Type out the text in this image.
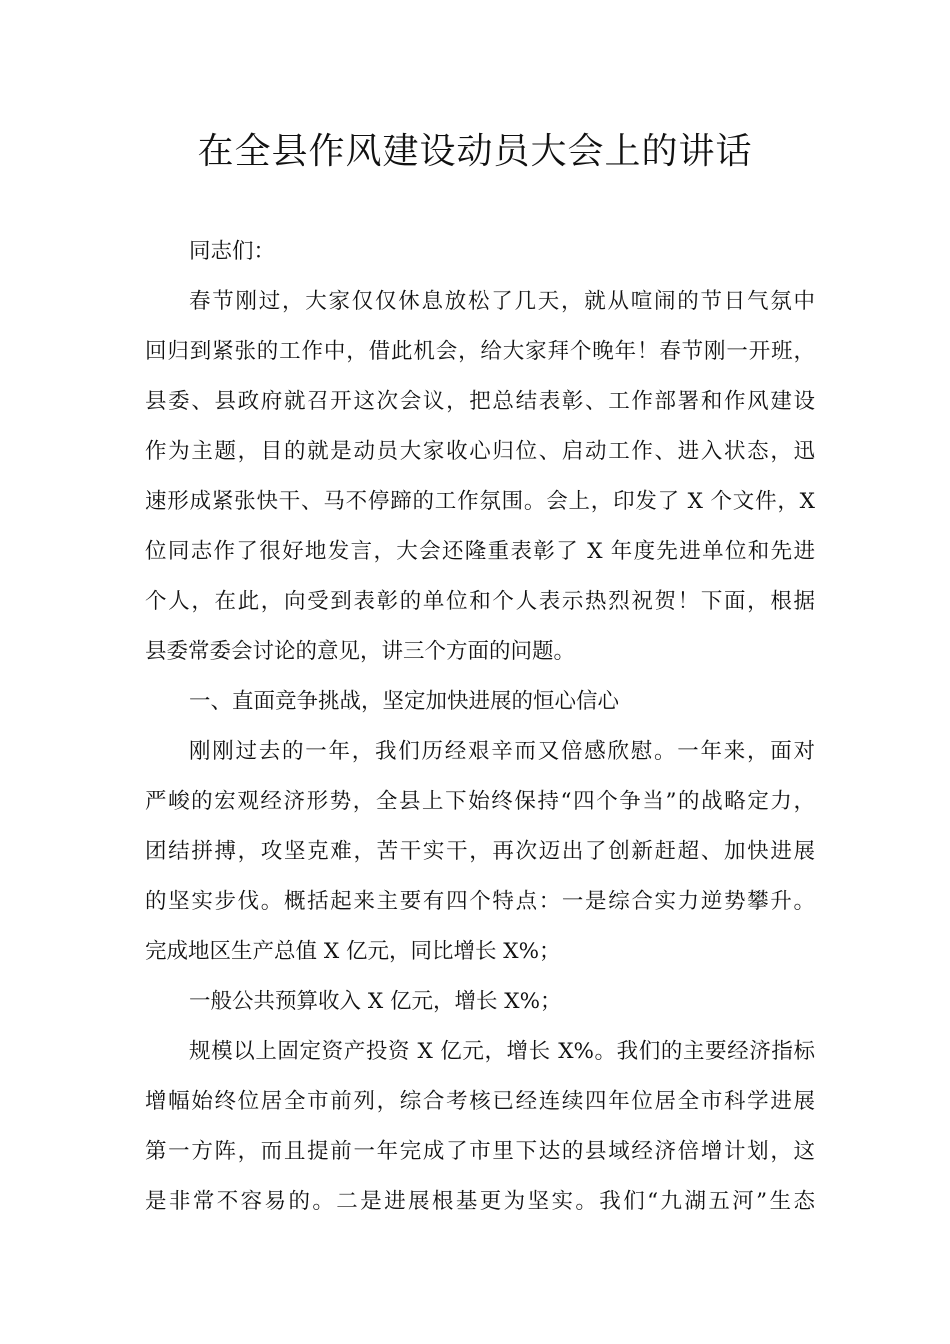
在全县作风建设动员大会上的讲话
同志们：
春节刚过，大家仅仅休息放松了几天，就从喧闹的节日气氛中
回归到紧张的工作中，借此机会，给大家拜个晚年！春节刚一开班，
县委、县政府就召开这次会议，把总结表彰、工作部署和作风建设
作为主题，目的就是动员大家收心归位、启动工作、进入状态，迅
速形成紧张快干、马不停蹄的工作氛围。会上，印发了 X 个文件，X
位同志作了很好地发言，大会还隆重表彰了 X 年度先进单位和先进
个人，在此，向受到表彰的单位和个人表示热烈祝贺！下面，根据
县委常委会讨论的意见，讲三个方面的问题。
一、直面竞争挑战，坚定加快进展的恒心信心
刚刚过去的一年，我们历经艰辛而又倍感欣慰。一年来，面对
严峻的宏观经济形势，全县上下始终保持“四个争当”的战略定力，
团结拼搏，攻坚克难，苦干实干，再次迈出了创新赶超、加快进展
的坚实步伐。概括起来主要有四个特点：一是综合实力逆势攀升。
完成地区生产总值 X 亿元，同比增长 X%；
一般公共预算收入 X 亿元，增长 X%；
规模以上固定资产投资 X 亿元，增长 X%。我们的主要经济指标
增幅始终位居全市前列，综合考核已经连续四年位居全市科学进展
第一方阵，而且提前一年完成了市里下达的县域经济倍增计划，这
是非常不容易的。二是进展根基更为坚实。我们“九湖五河”生态
